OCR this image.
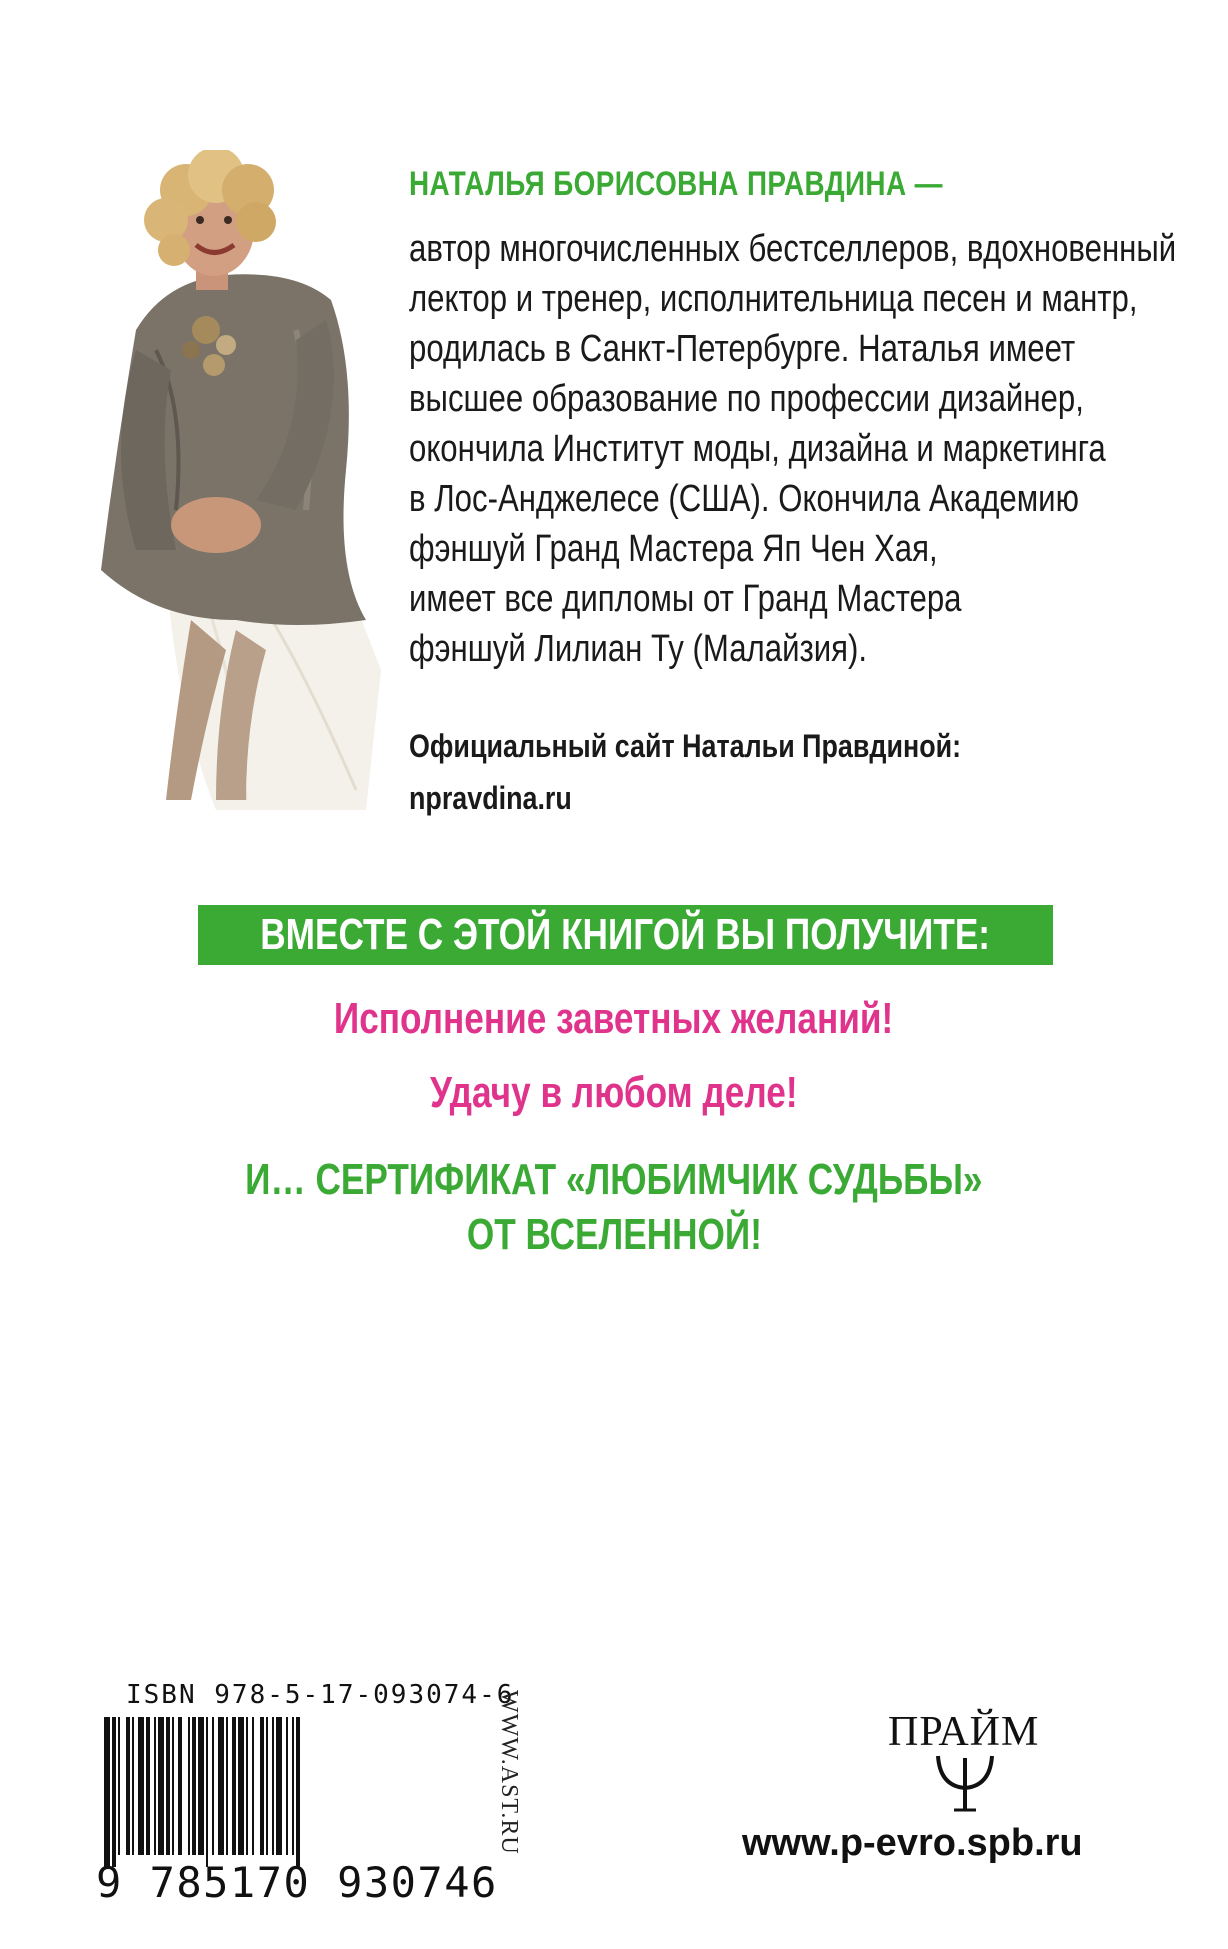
НАТАЛЬЯ БОРИСОВНА ПРАВДИНА —
автор многочисленных бестселлеров, вдохновенный
лектор и тренер, исполнительница песен и мантр,
родилась в Санкт-Петербурге. Наталья имеет
высшее образование по профессии дизайнер,
окончила Институт моды, дизайна и маркетинга
в Лос-Анджелесе (США). Окончила Академию
фэншуй Гранд Мастера Яп Чен Хая,
имеет все дипломы от Гранд Мастера
фэншуй Лилиан Ту (Малайзия).
Официальный сайт Натальи Правдиной:
npravdina.ru
ВМЕСТЕ С ЭТОЙ КНИГОЙ ВЫ ПОЛУЧИТЕ:
Исполнение заветных желаний!
Удачу в любом деле!
И… СЕРТИФИКАТ «ЛЮБИМЧИК СУДЬБЫ»
ОТ ВСЕЛЕННОЙ!
ISBN 978-5-17-093074-6
9 785170 930746
WWW.AST.RU	ПРАЙМ
www.p-evro.spb.ru
